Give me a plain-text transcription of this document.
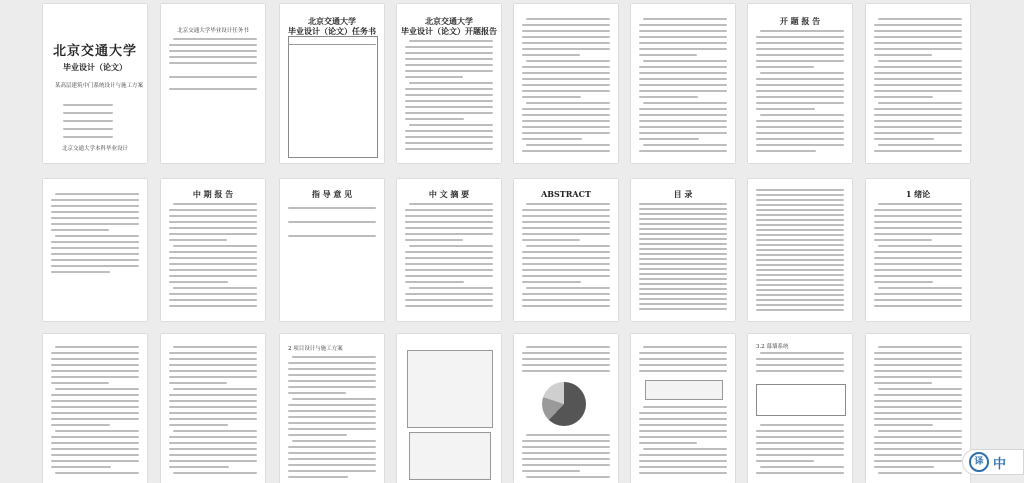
北京交通大学
毕业设计（论文）
某高层建筑中门系统设计与施工方案
北京交通大学本科毕业设计
北京交通大学毕业设计任务书
北京交通大学
毕业设计（论文）任务书
北京交通大学
毕业设计（论文）开题报告
开 题 报 告
中 期 报 告	指 导 意 见	中 文 摘 要	ABSTRACT	目 录	1 绪论
2 项目设计与施工方案	3.2 幕墙系统
译 中
